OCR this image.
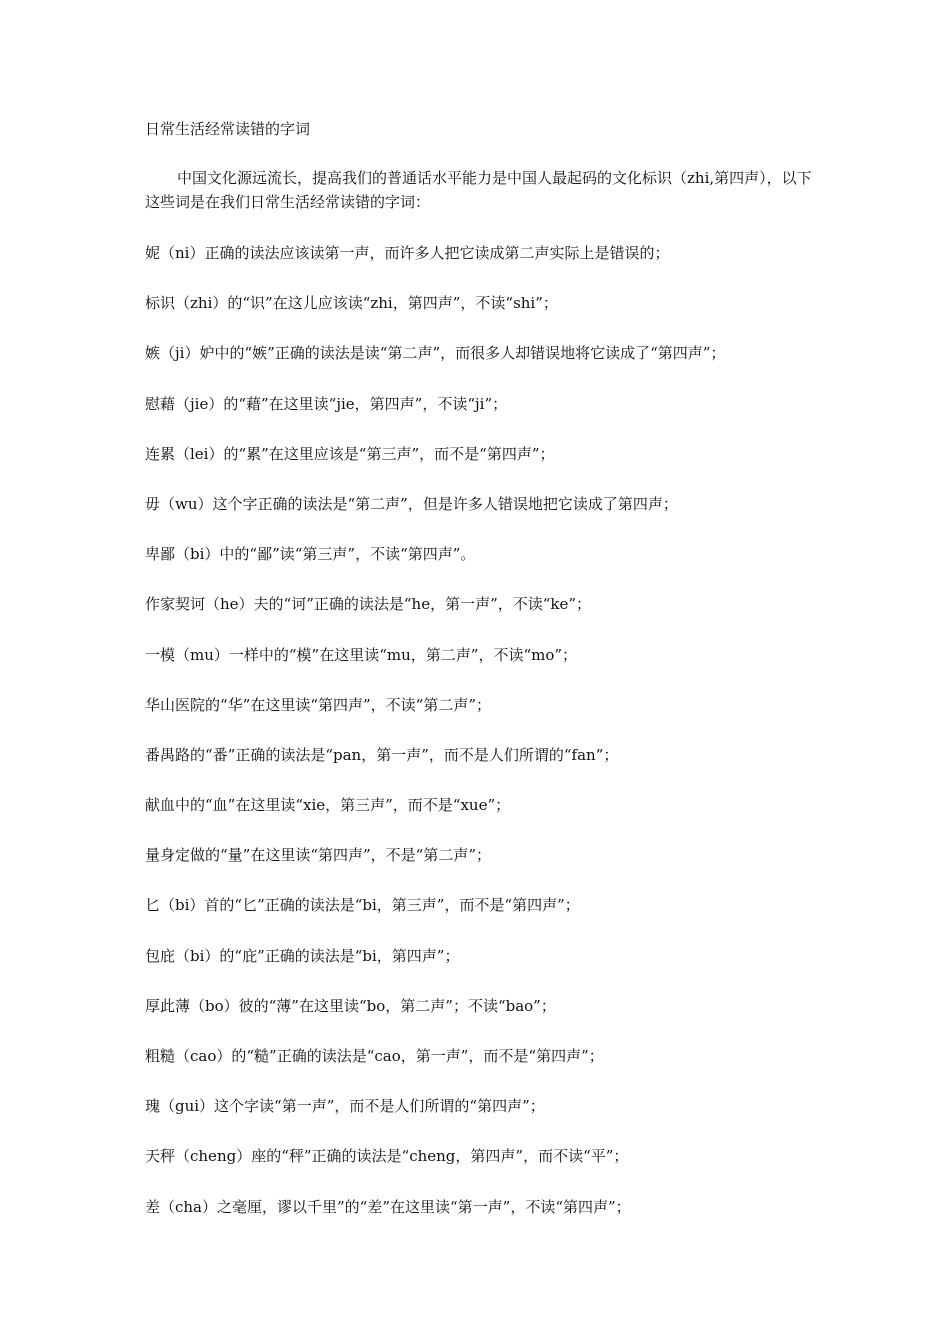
日常生活经常读错的字词

中国文化源远流长，提高我们的普通话水平能力是中国人最起码的文化标识（zhi,第四声），以下这些词是在我们日常生活经常读错的字词：

妮（ni）正确的读法应该读第一声，而许多人把它读成第二声实际上是错误的；
标识（zhi）的“识”在这儿应该读“zhi，第四声”，不读“shi”；
嫉（ji）妒中的“嫉”正确的读法是读“第二声”，而很多人却错误地将它读成了“第四声”；
慰藉（jie）的“藉”在这里读“jie，第四声”，不读“ji”；
连累（lei）的“累”在这里应该是“第三声”，而不是“第四声”；
毋（wu）这个字正确的读法是“第二声”，但是许多人错误地把它读成了第四声；
卑鄙（bi）中的“鄙”读“第三声”，不读“第四声”。
作家契诃（he）夫的“诃”正确的读法是“he，第一声”，不读“ke”；
一模（mu）一样中的“模”在这里读“mu，第二声”，不读“mo”；
华山医院的“华”在这里读“第四声”，不读“第二声”；
番禺路的“番”正确的读法是“pan，第一声”，而不是人们所谓的“fan”；
献血中的“血”在这里读“xie，第三声”，而不是“xue”；
量身定做的“量”在这里读“第四声”，不是“第二声”；
匕（bi）首的“匕”正确的读法是“bi，第三声”，而不是“第四声”；
包庇（bi）的“庇”正确的读法是“bi，第四声”；
厚此薄（bo）彼的“薄”在这里读“bo，第二声”；不读“bao”；
粗糙（cao）的“糙”正确的读法是“cao，第一声”，而不是“第四声”；
瑰（gui）这个字读“第一声”，而不是人们所谓的“第四声”；
天秤（cheng）座的“秤”正确的读法是“cheng，第四声”，而不读“平”；
差（cha）之毫厘，谬以千里”的“差”在这里读“第一声”，不读“第四声”；
